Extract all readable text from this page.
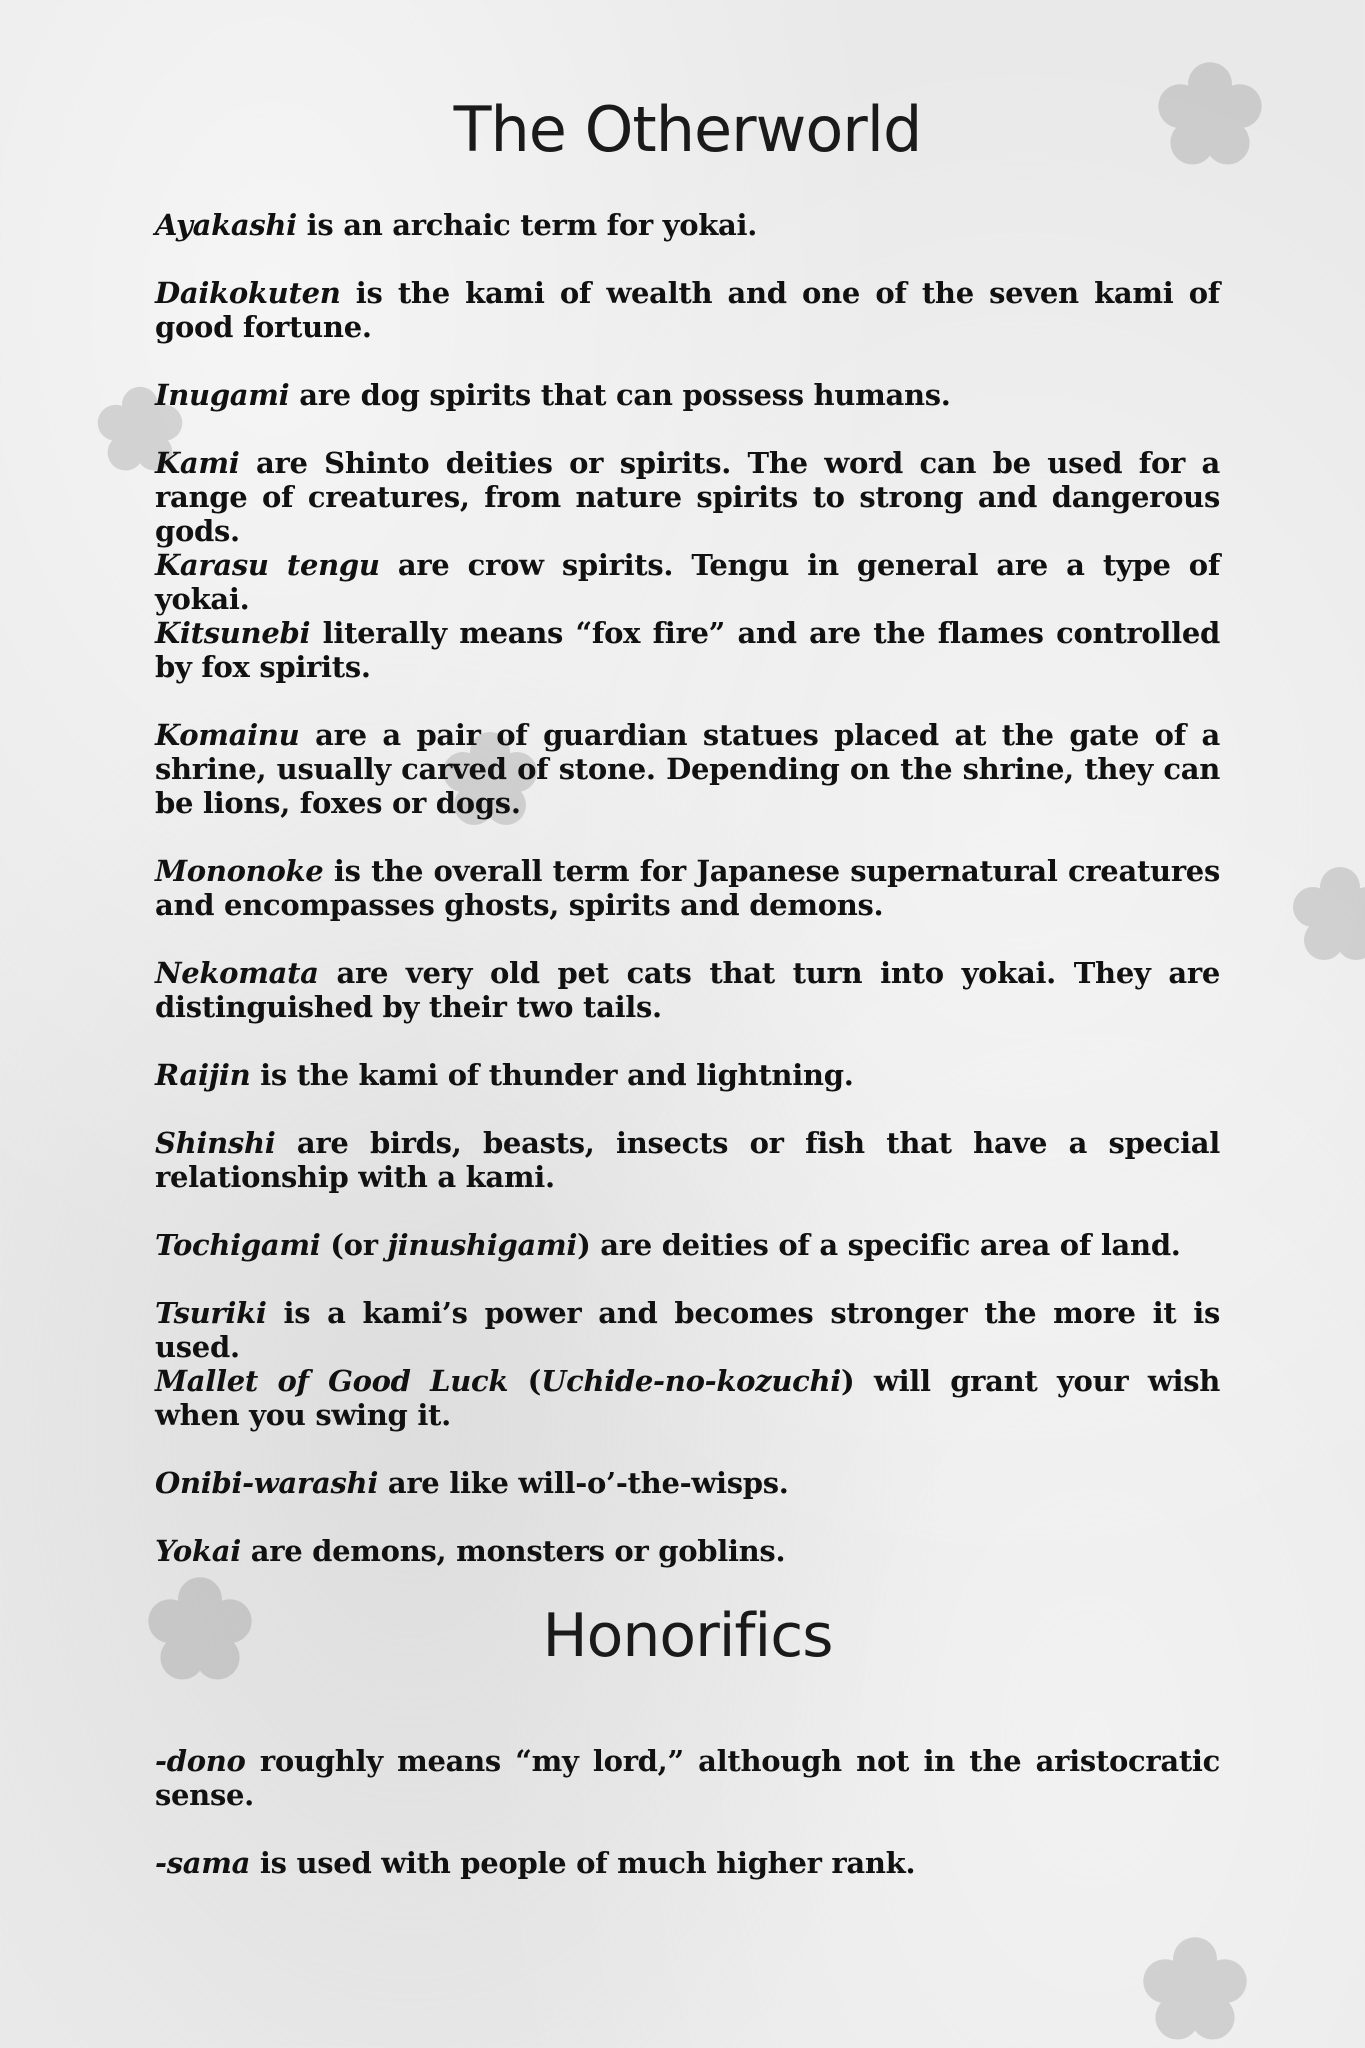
The Otherworld

Ayakashi is an archaic term for yokai.

Daikokuten is the kami of wealth and one of the seven kami of good fortune.

Inugami are dog spirits that can possess humans.

Kami are Shinto deities or spirits. The word can be used for a range of creatures, from nature spirits to strong and dangerous gods.

Karasu tengu are crow spirits. Tengu in general are a type of yokai.

Kitsunebi literally means “fox fire” and are the flames controlled by fox spirits.

Komainu are a pair of guardian statues placed at the gate of a shrine, usually carved of stone. Depending on the shrine, they can be lions, foxes or dogs.

Mononoke is the overall term for Japanese supernatural creatures and encompasses ghosts, spirits and demons.

Nekomata are very old pet cats that turn into yokai. They are distinguished by their two tails.

Raijin is the kami of thunder and lightning.

Shinshi are birds, beasts, insects or fish that have a special relationship with a kami.

Tochigami (or jinushigami) are deities of a specific area of land.

Tsuriki is a kami’s power and becomes stronger the more it is used.

Mallet of Good Luck (Uchide-no-kozuchi) will grant your wish when you swing it.

Onibi-warashi are like will-o’-the-wisps.

Yokai are demons, monsters or goblins.

Honorifics

-dono roughly means “my lord,” although not in the aristocratic sense.

-sama is used with people of much higher rank.
